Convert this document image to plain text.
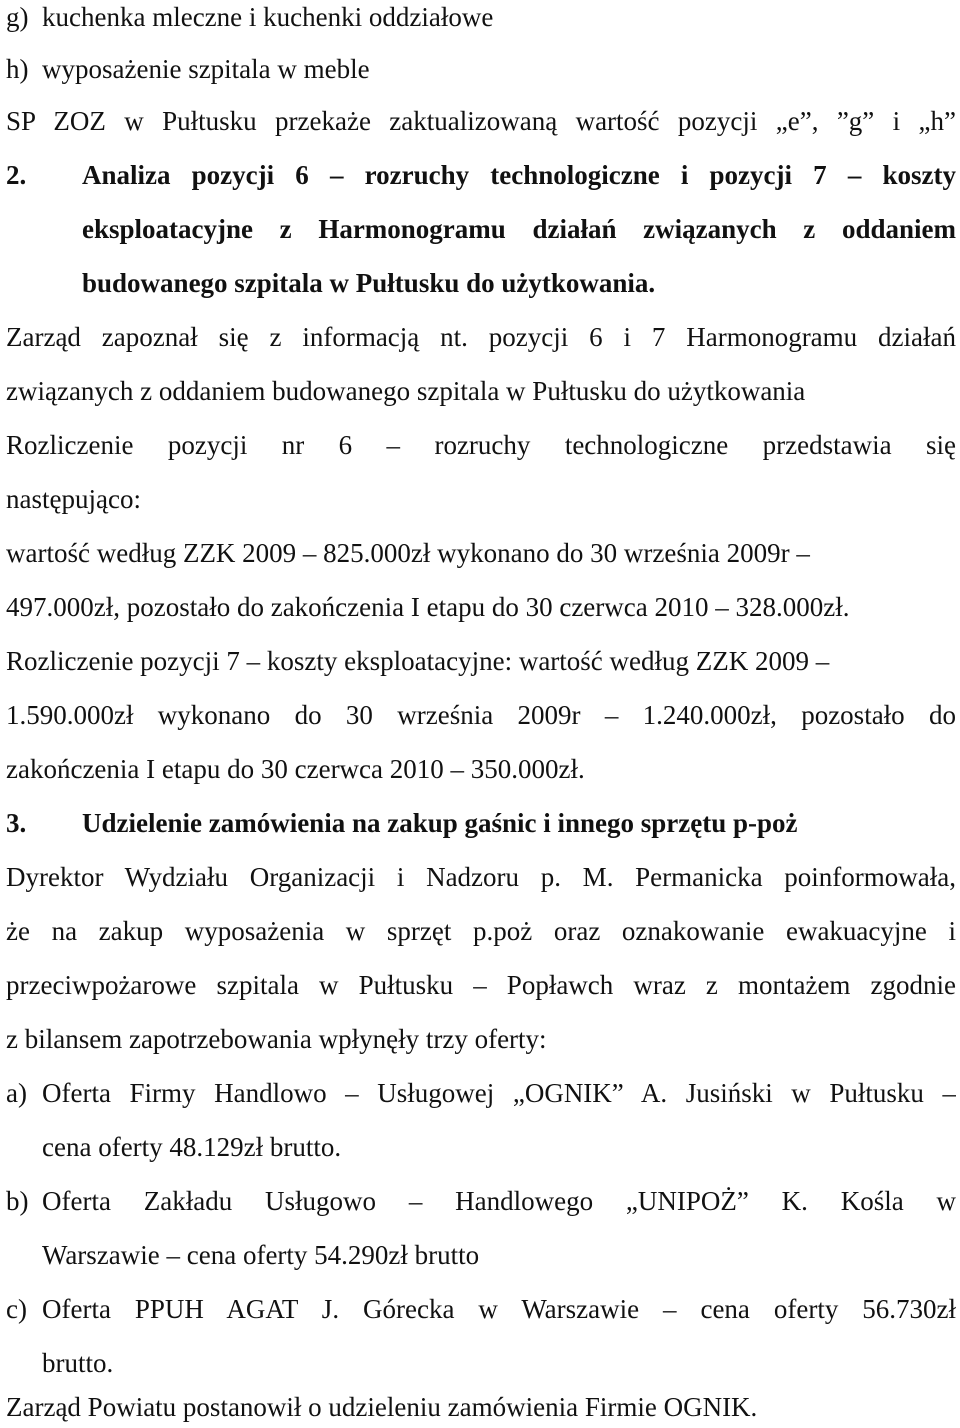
g) kuchenka mleczne i kuchenki oddziałowe
h) wyposażenie szpitala w meble
SP ZOZ w Pułtusku przekaże zaktualizowaną wartość pozycji „e”, ”g” i „h”
2.	Analiza pozycji 6 – rozruchy technologiczne i pozycji 7 – koszty
eksploatacyjne z Harmonogramu działań związanych z oddaniem
budowanego szpitala w Pułtusku do użytkowania.
Zarząd zapoznał się z informacją nt. pozycji 6 i 7 Harmonogramu działań
związanych z oddaniem budowanego szpitala w Pułtusku do użytkowania
Rozliczenie pozycji nr 6 – rozruchy technologiczne przedstawia się
następująco:
wartość według ZZK 2009 – 825.000zł wykonano do 30 września 2009r –
497.000zł, pozostało do zakończenia I etapu do 30 czerwca 2010 – 328.000zł.
Rozliczenie pozycji 7 – koszty eksploatacyjne: wartość według ZZK 2009 –
1.590.000zł wykonano do 30 września 2009r – 1.240.000zł, pozostało do
zakończenia I etapu do 30 czerwca 2010 – 350.000zł.
3.	Udzielenie zamówienia na zakup gaśnic i innego sprzętu p-poż
Dyrektor Wydziału Organizacji i Nadzoru p. M. Permanicka poinformowała,
że na zakup wyposażenia w sprzęt p.poż oraz oznakowanie ewakuacyjne i
przeciwpożarowe szpitala w Pułtusku – Popławch wraz z montażem zgodnie
z bilansem zapotrzebowania wpłynęły trzy oferty:
a) Oferta Firmy Handlowo – Usługowej „OGNIK” A. Jusiński w Pułtusku –
cena oferty 48.129zł brutto.
b) Oferta Zakładu Usługowo – Handlowego „UNIPOŻ” K. Kośla w
Warszawie – cena oferty 54.290zł brutto
c) Oferta PPUH AGAT J. Górecka w Warszawie – cena oferty 56.730zł
brutto.
Zarząd Powiatu postanowił o udzieleniu zamówienia Firmie OGNIK.
